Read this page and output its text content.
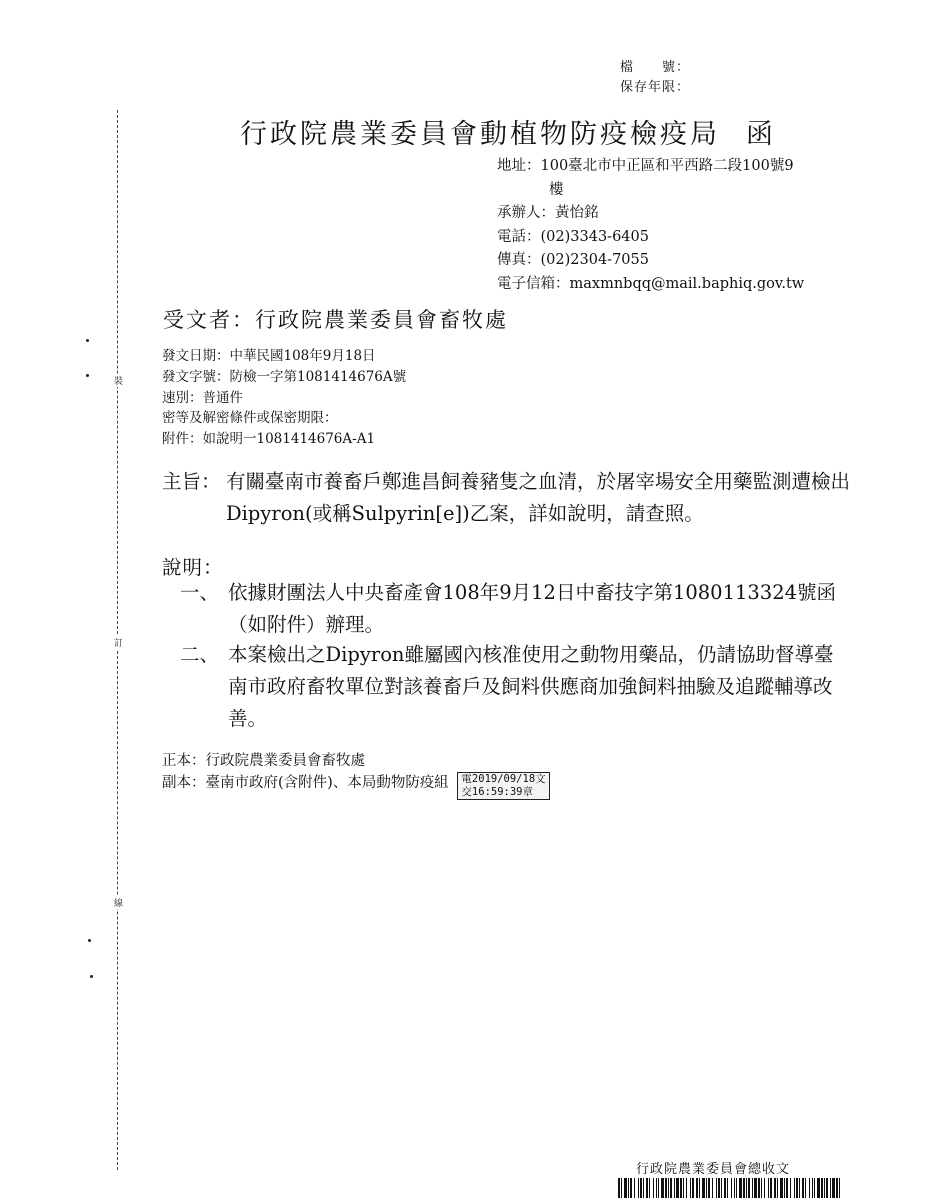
檔　　號：
保存年限：
裝
訂
線
行政院農業委員會動植物防疫檢疫局 函
地址：100臺北市中正區和平西路二段100號9
樓
承辦人：黃怡銘
電話：(02)3343-6405
傳真：(02)2304-7055
電子信箱：maxmnbqq@mail.baphiq.gov.tw
受文者：行政院農業委員會畜牧處
發文日期：中華民國108年9月18日
發文字號：防檢一字第1081414676A號
速別：普通件
密等及解密條件或保密期限：
附件：如說明一1081414676A-A1
主旨： 有關臺南市養畜戶鄭進昌飼養豬隻之血清，於屠宰場安全用藥監測遭檢出Dipyron(或稱Sulpyrin[e])乙案，詳如說明，請查照。
說明：
一、 依據財團法人中央畜產會108年9月12日中畜技字第1080113324號函（如附件）辦理。
二、 本案檢出之Dipyron雖屬國內核准使用之動物用藥品，仍請協助督導臺南市政府畜牧單位對該養畜戶及飼料供應商加強飼料抽驗及追蹤輔導改善。
正本：行政院農業委員會畜牧處
副本：臺南市政府(含附件)、本局動物防疫組 電2019/09/18文
交16:59:39章
行政院農業委員會總收文
